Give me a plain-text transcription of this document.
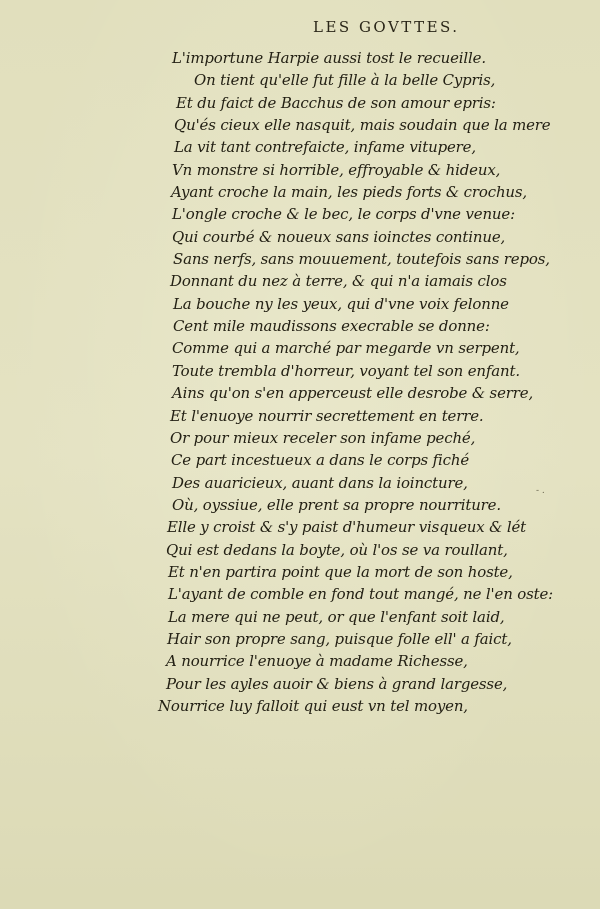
LES GOVTTES.
L'importune Harpie aussi tost le recueille.
On tient qu'elle fut fille à la belle Cypris,
Et du faict de Bacchus de son amour epris:
Qu'és cieux elle nasquit, mais soudain que la mere
La vit tant contrefaicte, infame vitupere,
Vn monstre si horrible, effroyable & hideux,
Ayant croche la main, les pieds forts & crochus,
L'ongle croche & le bec, le corps d'vne venue:
Qui courbé & noueux sans ioinctes continue,
Sans nerfs, sans mouuement, toutefois sans repos,
Donnant du nez à terre, & qui n'a iamais clos
La bouche ny les yeux, qui d'vne voix felonne
Cent mile maudissons execrable se donne:
Comme qui a marché par megarde vn serpent,
Toute trembla d'horreur, voyant tel son enfant.
Ains qu'on s'en apperceust elle desrobe & serre,
Et l'enuoye nourrir secrettement en terre.
Or pour mieux receler son infame peché,
Ce part incestueux a dans le corps fiché
Des auaricieux, auant dans la ioincture,
Où, oyssiue, elle prent sa propre nourriture.
Elle y croist & s'y paist d'humeur visqueux & lét
Qui est dedans la boyte, où l'os se va roullant,
Et n'en partira point que la mort de son hoste,
L'ayant de comble en fond tout mangé, ne l'en oste:
La mere qui ne peut, or que l'enfant soit laid,
Hair son propre sang, puisque folle ell' a faict,
A nourrice l'enuoye à madame Richesse,
Pour les ayles auoir & biens à grand largesse,
Nourrice luy falloit qui eust vn tel moyen,
- .
